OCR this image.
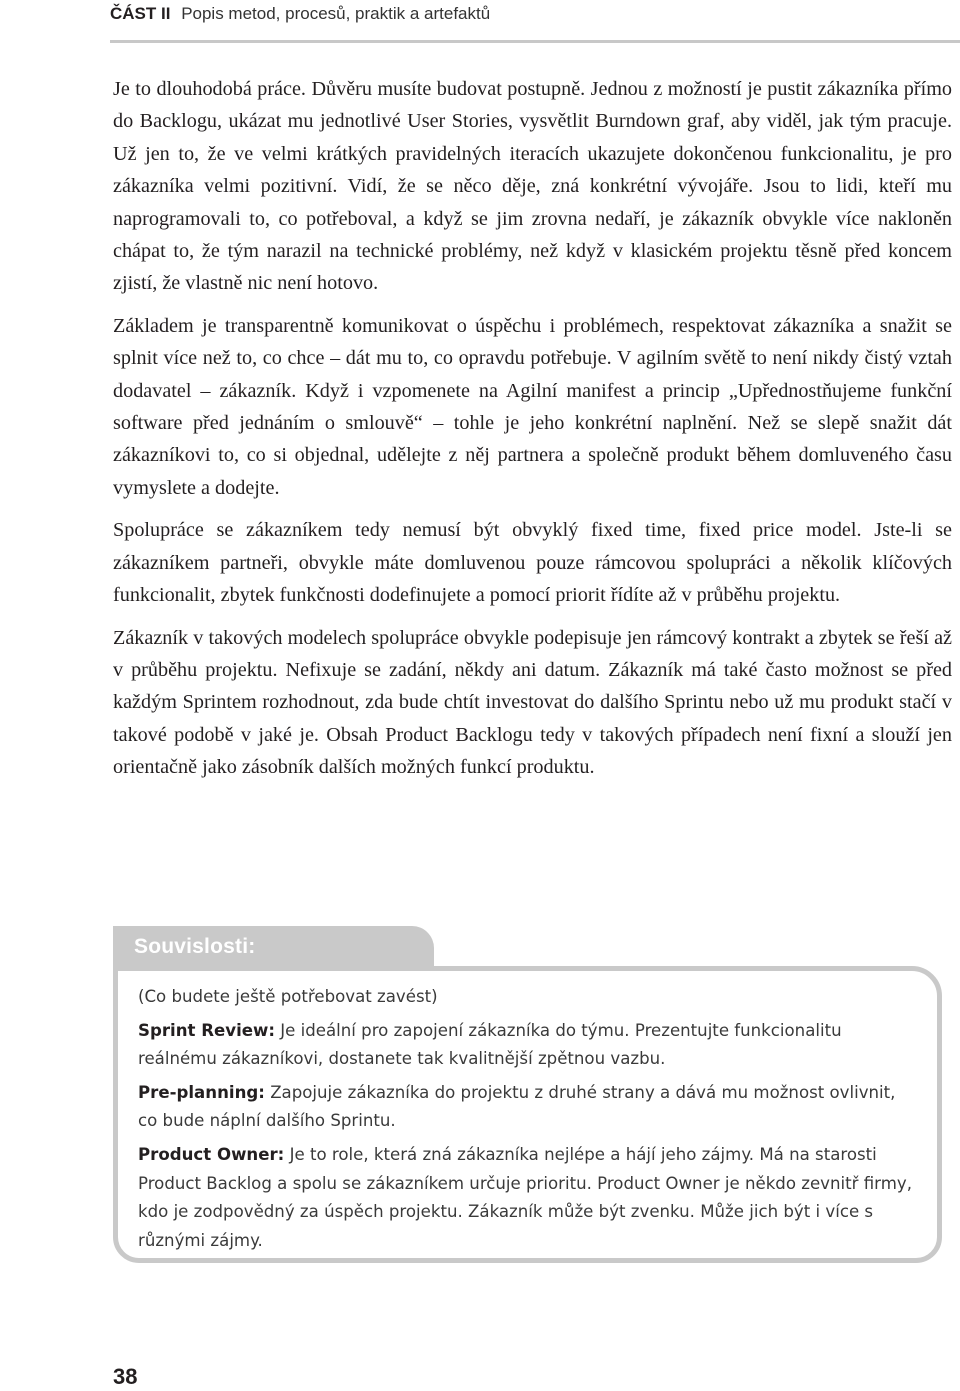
ČÁST II Popis metod, procesů, praktik a artefaktů

Je to dlouhodobá práce. Důvěru musíte budovat postupně. Jednou z možností je pustit zákazníka přímo do Backlogu, ukázat mu jednotlivé User Stories, vysvětlit Burndown graf, aby viděl, jak tým pracuje. Už jen to, že ve velmi krátkých pravidelných iteracích ukazujete dokončenou funkcionalitu, je pro zákazníka velmi pozitivní. Vidí, že se něco děje, zná konkrétní vývojáře. Jsou to lidi, kteří mu naprogramovali to, co potřeboval, a když se jim zrovna nedaří, je zákazník obvykle více nakloněn chápat to, že tým narazil na technické problémy, než když v klasickém projektu těsně před koncem zjistí, že vlastně nic není hotovo.

Základem je transparentně komunikovat o úspěchu i problémech, respektovat zákazníka a snažit se splnit více než to, co chce – dát mu to, co opravdu potřebuje. V agilním světě to není nikdy čistý vztah dodavatel – zákazník. Když i vzpomenete na Agilní manifest a princip „Upřednostňujeme funkční software před jednáním o smlouvě“ – tohle je jeho konkrétní naplnění. Než se slepě snažit dát zákazníkovi to, co si objednal, udělejte z něj partnera a společně produkt během domluveného času vymyslete a dodejte.

Spolupráce se zákazníkem tedy nemusí být obvyklý fixed time, fixed price model. Jste-li se zákazníkem partneři, obvykle máte domluvenou pouze rámcovou spolupráci a několik klíčových funkcionalit, zbytek funkčnosti dodefinujete a pomocí priorit řídíte až v průběhu projektu.

Zákazník v takových modelech spolupráce obvykle podepisuje jen rámcový kontrakt a zbytek se řeší až v průběhu projektu. Nefixuje se zadání, někdy ani datum. Zákazník má také často možnost se před každým Sprintem rozhodnout, zda bude chtít investovat do dalšího Sprintu nebo už mu produkt stačí v takové podobě v jaké je. Obsah Product Backlogu tedy v takových případech není fixní a slouží jen orientačně jako zásobník dalších možných funkcí produktu.

Souvislosti:

(Co budete ještě potřebovat zavést)

Sprint Review: Je ideální pro zapojení zákazníka do týmu. Prezentujte funkcionalitu reálnému zákazníkovi, dostanete tak kvalitnější zpětnou vazbu.

Pre-planning: Zapojuje zákazníka do projektu z druhé strany a dává mu možnost ovlivnit, co bude náplní dalšího Sprintu.

Product Owner: Je to role, která zná zákazníka nejlépe a hájí jeho zájmy. Má na starosti Product Backlog a spolu se zákazníkem určuje prioritu. Product Owner je někdo zevnitř firmy, kdo je zodpovědný za úspěch projektu. Zákazník může být zvenku. Může jich být i více s různými zájmy.

38
